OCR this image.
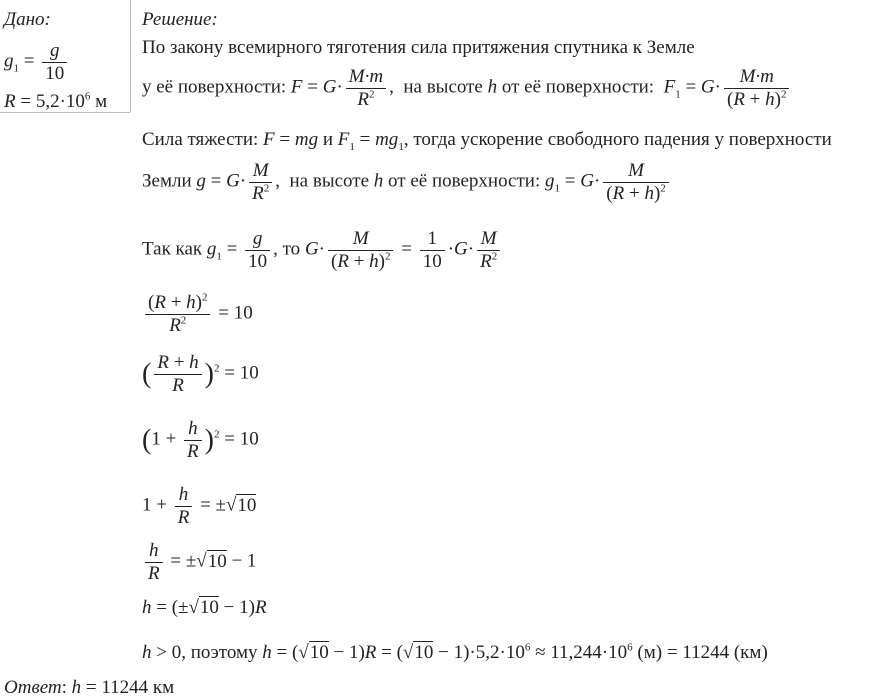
Дано:
$g_1 = \frac{g}{10}$
$R = 5,2\cdot 10^6$ м
Решение:
По закону всемирного тяготения сила притяжения спутника к Земле
у её поверхности: $F = G\cdot \frac{M\cdot m}{R^2}$ ,  на высоте h от её поверхности: $F_1 = G\cdot \frac{M\cdot m}{(R + h)^2}$
Сила тяжести: F = mg и $F_1 = mg_1$, тогда ускорение свободного падения у поверхности
Земли $g = G\cdot \frac{M}{R^2}$ ,  на высоте h от её поверхности: $g_1 = G\cdot \frac{M}{(R + h)^2}$
Так как $g_1 = \frac{g}{10}$ , то $G\cdot \frac{M}{(R + h)^2} = \frac{1}{10} \cdot G\cdot \frac{M}{R^2}$
$\frac{(R + h)^2}{R^2} = 10$
( $\frac{R + h}{R} )^2 = 10$
$(1 + \frac{h}{R} )^2 = 10$
$1 + \frac{h}{R} = \pm√10$
$\frac{h}{R} = \pm√10 - 1$
h = (±√10 − 1)R
h > 0, поэтому $h = (√10 - 1)R = (√10 - 1)\cdot 5,2\cdot 10^6 \approx 11,244\cdot 10^6$ (м) = 11244 (км)
Ответ: h = 11244 км
